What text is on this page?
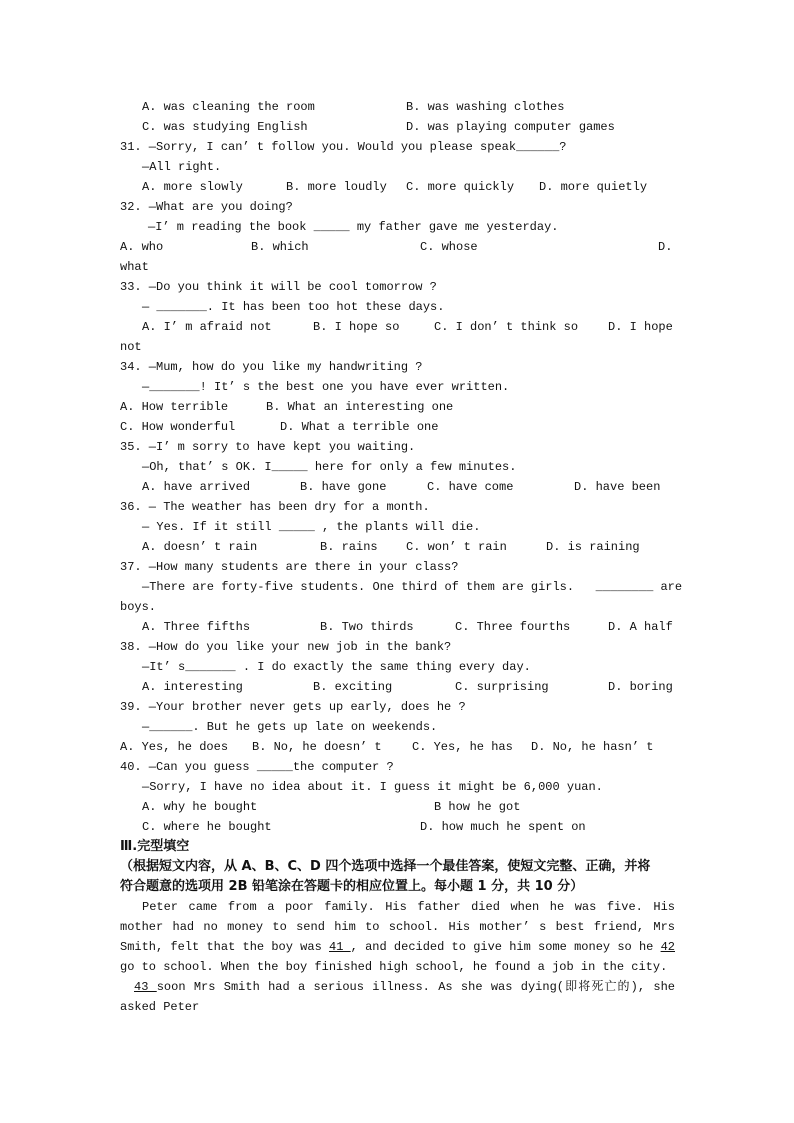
A. was cleaning the room

	B. was washing clothes

C. was studying English

	D. was playing computer games

31. —Sorry, I can’ t follow you. Would you please speak______?
—All right.

A. more slowly

	B. more loudly

C. more quickly

D. more quietly

32. —What are you doing?
—I’ m reading the book _____ my father gave me yesterday.

A. who

	B. which

	C. whose

	D.

what
33. —Do you think it will be cool tomorrow ?
— _______. It has been too hot these days.

A. I’ m afraid not

	B. I hope so

	C. I don’ t think so

D. I hope

not
34. —Mum, how do you like my handwriting ?
—_______! It’ s the best one you have ever written.

A. How terrible

	B. What an interesting one

C. How wonderful

	D. What a terrible one

35. —I’ m sorry to have kept you waiting.
—Oh, that’ s OK. I_____ here for only a few minutes.

A. have arrived

	B. have gone

	C. have come

	D. have been

36. — The weather has been dry for a month.
— Yes. If it still _____ , the plants will die.

A. doesn’ t rain

	B. rains

C. won’ t rain

	D. is raining

37. —How many students are there in your class?
—There are forty-five students. One third of them are girls.   ________ are
boys.

A. Three fifths

	B. Two thirds

	C. Three fourths

	D. A half

38. —How do you like your new job in the bank?
—It’ s_______ . I do exactly the same thing every day.

A. interesting

	B. exciting

	C. surprising

	D. boring

39. —Your brother never gets up early, does he ?
—______. But he gets up late on weekends.

A. Yes, he does

B. No, he doesn’ t

	C. Yes, he has

D. No, he hasn’ t

40. —Can you guess _____the computer ?
—Sorry, I have no idea about it. I guess it might be 6,000 yuan.

A. why he bought

	B how he got

C. where he bought

	D. how much he spent on

Ⅲ.完型填空
（根据短文内容，从 A、B、C、D 四个选项中选择一个最佳答案，使短文完整、正确，并将
符合题意的选项用 2B 铅笔涂在答题卡的相应位置上。每小题 1 分，共 10 分）
Peter came from a poor family. His father died when he was five. His mother had no money to send him to school. His mother’ s best friend, Mrs Smith, felt that the boy was 41 , and decided to give him some money so he 42 go to school. When the boy finished high school, he found a job in the city.
43 soon Mrs Smith had a serious illness. As she was dying(即将死亡的), she asked Peter
